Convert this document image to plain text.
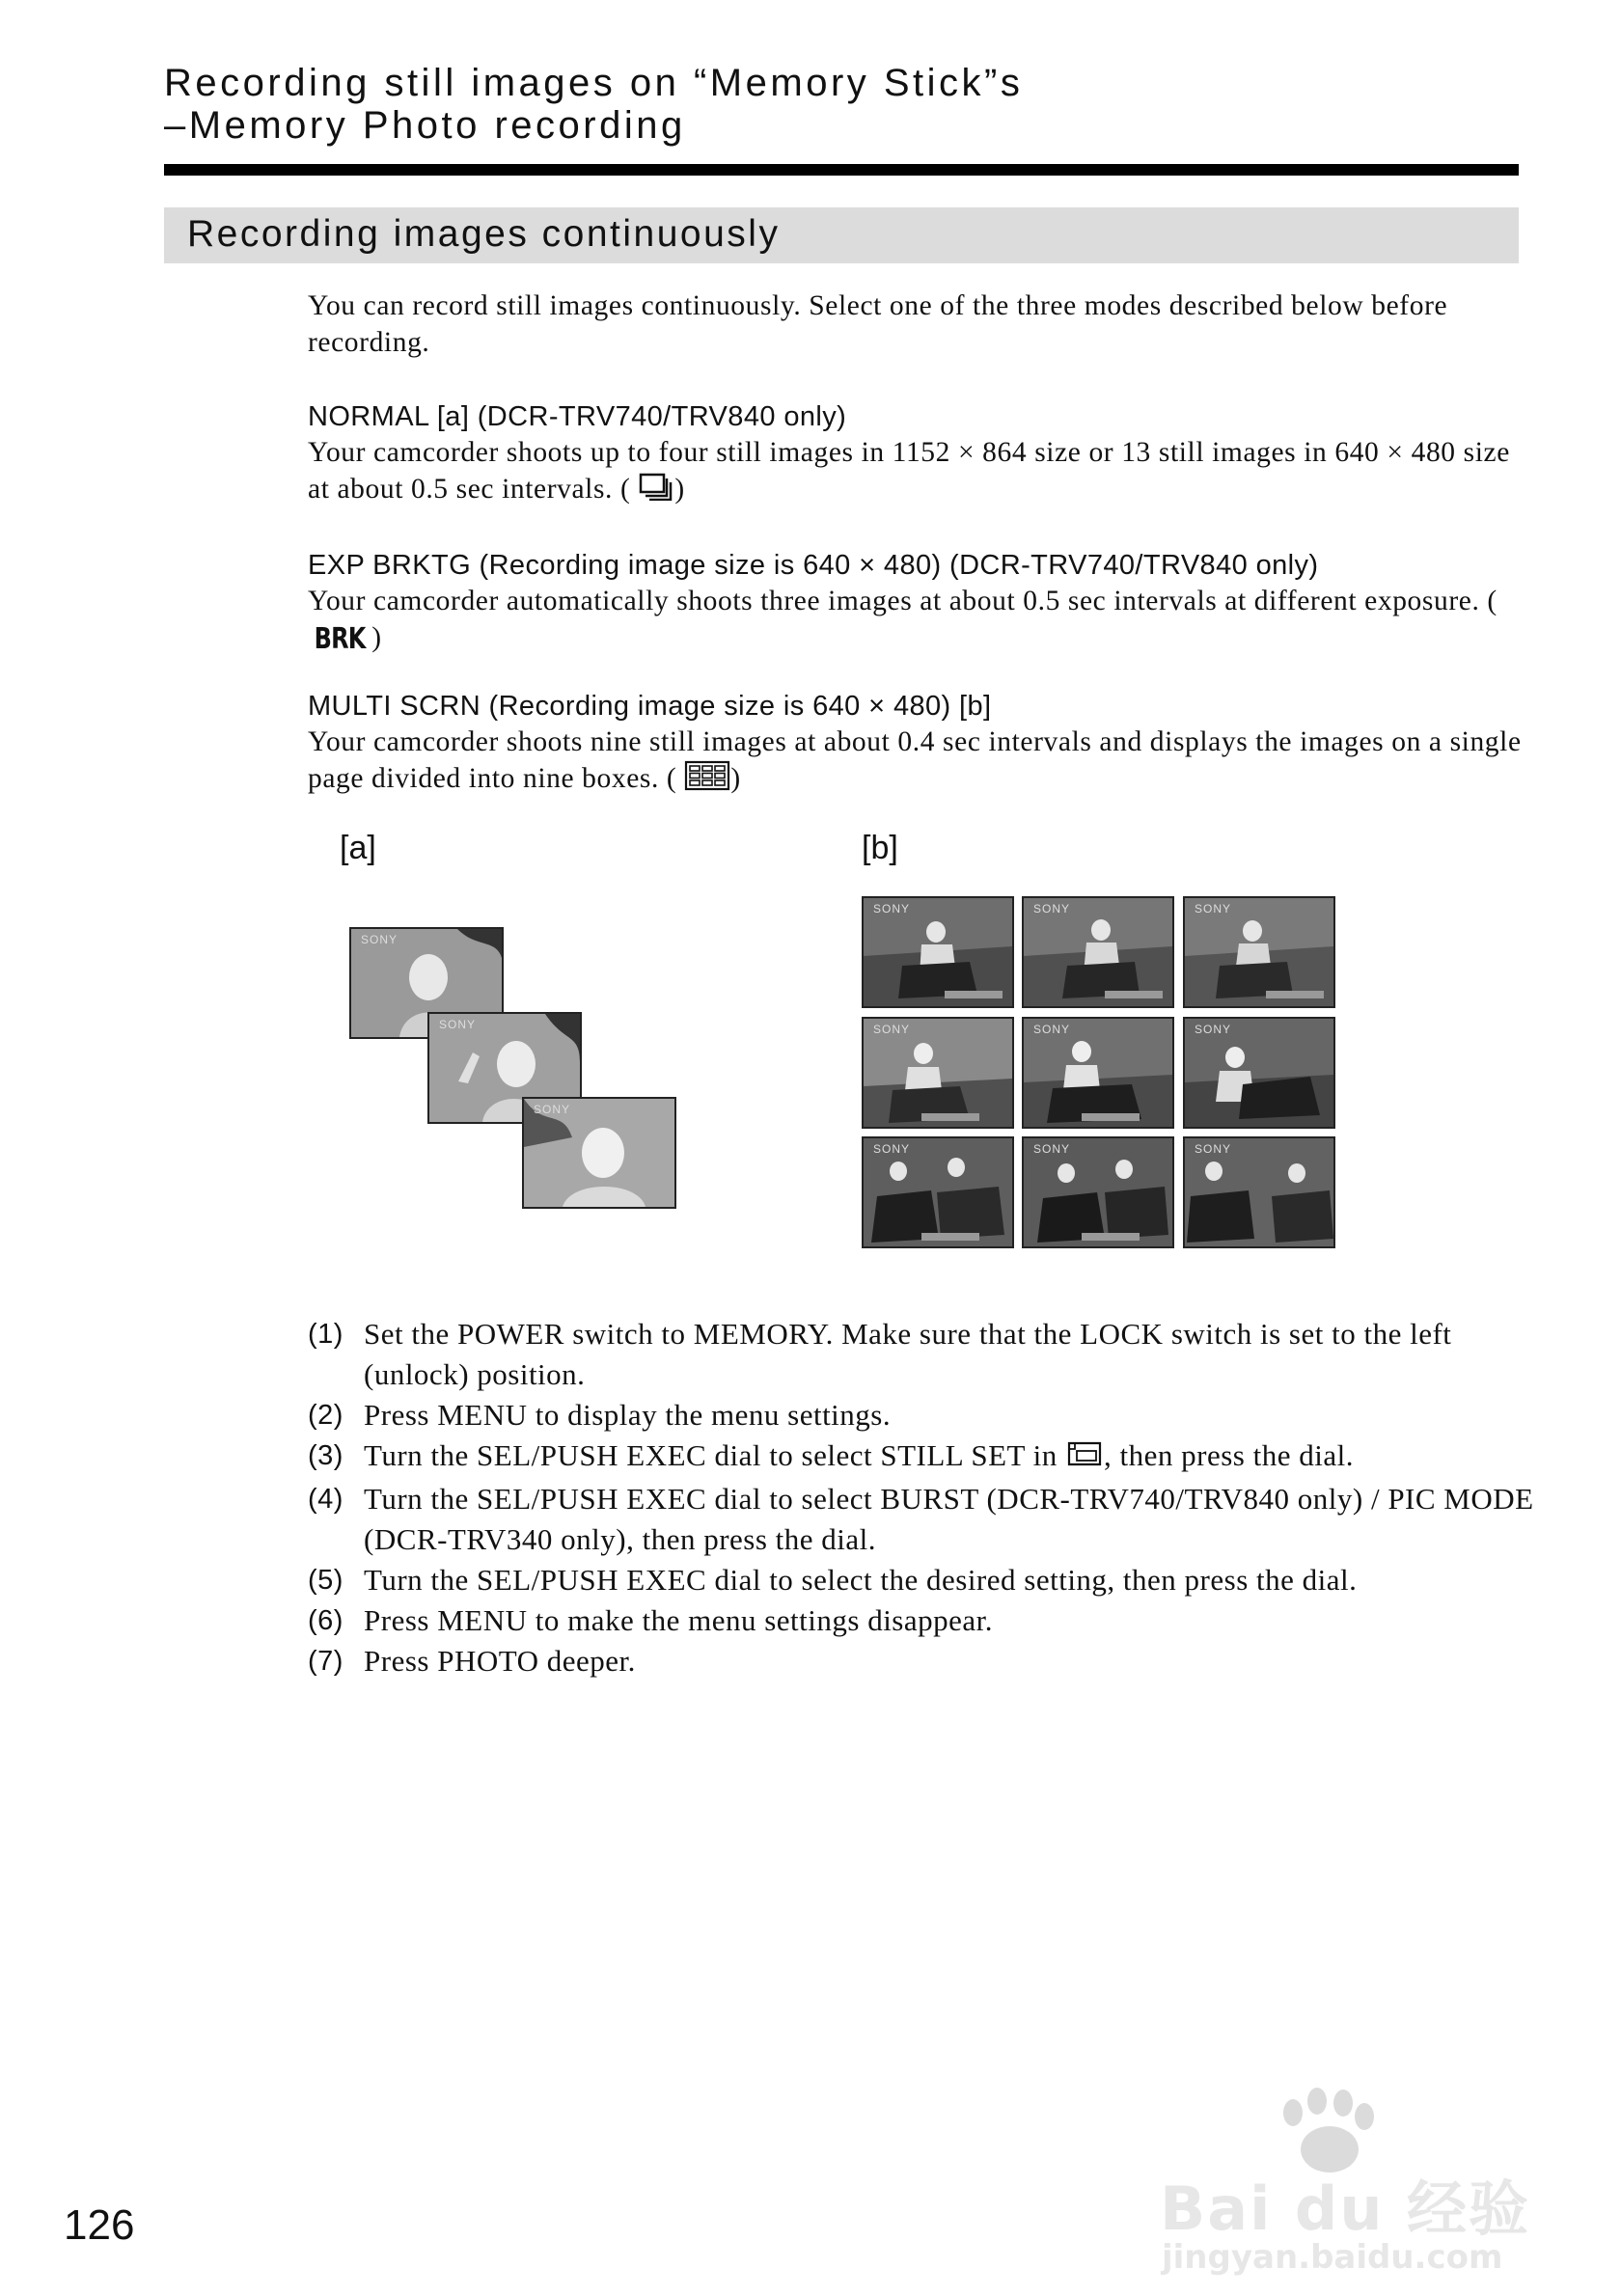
Recording still images on “Memory Stick”s
–Memory Photo recording
Recording images continuously
You can record still images continuously. Select one of the three modes described below before recording.
NORMAL [a] (DCR-TRV740/TRV840 only)
Your camcorder shoots up to four still images in 1152 × 864 size or 13 still images in 640 × 480 size at about 0.5 sec intervals. ( )
EXP BRKTG (Recording image size is 640 × 480) (DCR-TRV740/TRV840 only)
Your camcorder automatically shoots three images at about 0.5 sec intervals at different exposure. ( BRK )
MULTI SCRN (Recording image size is 640 × 480) [b]
Your camcorder shoots nine still images at about 0.4 sec intervals and displays the images on a single page divided into nine boxes. ( )
[a]	[b]
SONY
SONY
SONY
SONY	SONY	SONY
SONY	SONY	SONY
SONY	SONY	SONY
(1) Set the POWER switch to MEMORY. Make sure that the LOCK switch is set to the left (unlock) position.
(2) Press MENU to display the menu settings.
(3) Turn the SEL/PUSH EXEC dial to select STILL SET in , then press the dial.
(4) Turn the SEL/PUSH EXEC dial to select BURST (DCR-TRV740/TRV840 only) / PIC MODE (DCR-TRV340 only), then press the dial.
(5) Turn the SEL/PUSH EXEC dial to select the desired setting, then press the dial.
(6) Press MENU to make the menu settings disappear.
(7) Press PHOTO deeper.
126	Bai du 经验
jingyan.baidu.com
